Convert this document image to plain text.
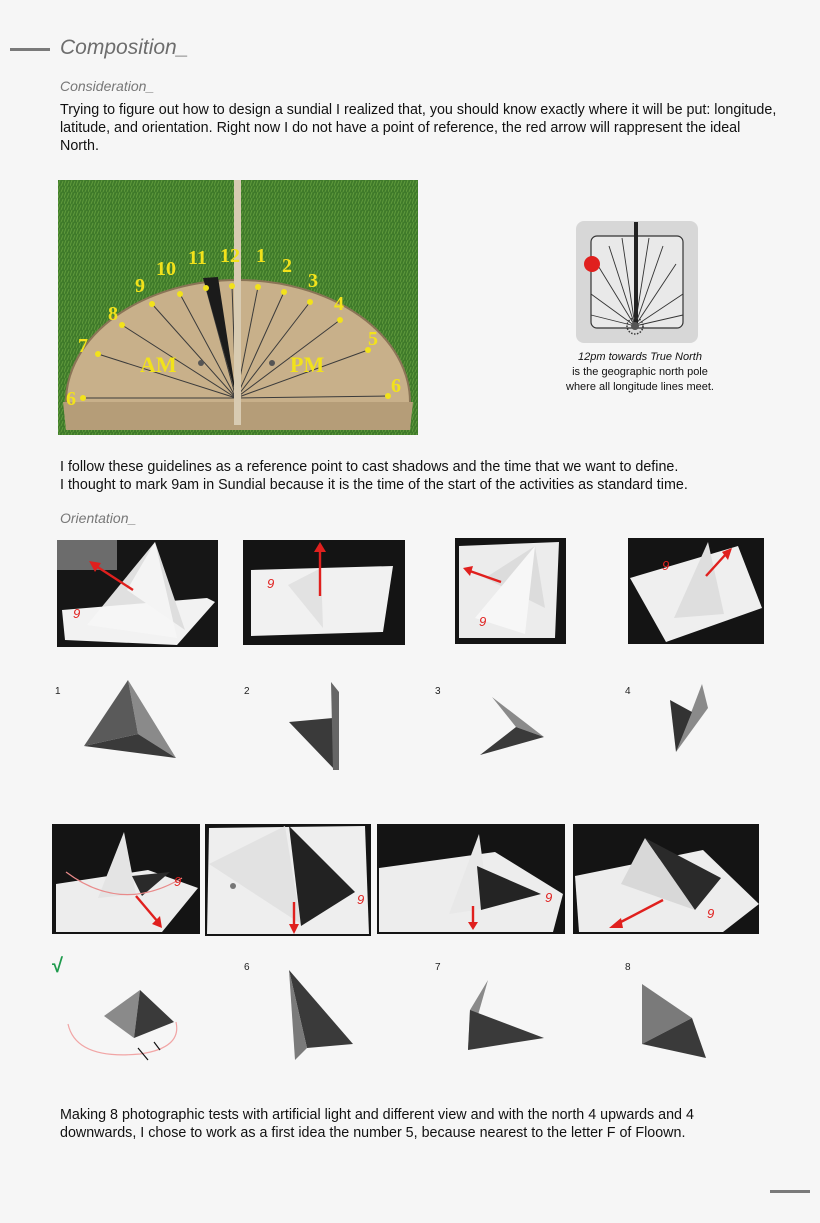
Composition_
Consideration_
Trying to figure out how to design a sundial I realized that, you should know exactly where it will be put: longitude, latitude, and orientation. Right now I do not have a point of reference, the red arrow will rappresent the ideal North.
6
7
8
9
10 11 12 1 2
3
4
5
6
AM	PM	12pm towards True North
is the geographic north pole
where all longitude lines meet.
I follow these guidelines as a reference point to cast shadows and the time that we want to define.
I thought to mark 9am in Sundial because it is the time of the start of the activities as standard time.
Orientation_
9
9
9
9
1	2	3	4
9
9	9
9
√	6	7	8
Making 8 photographic tests with artificial light and different view and with the north 4 upwards and 4
downwards, I chose to work as a first idea the number 5, because nearest to the letter F of Floown.
